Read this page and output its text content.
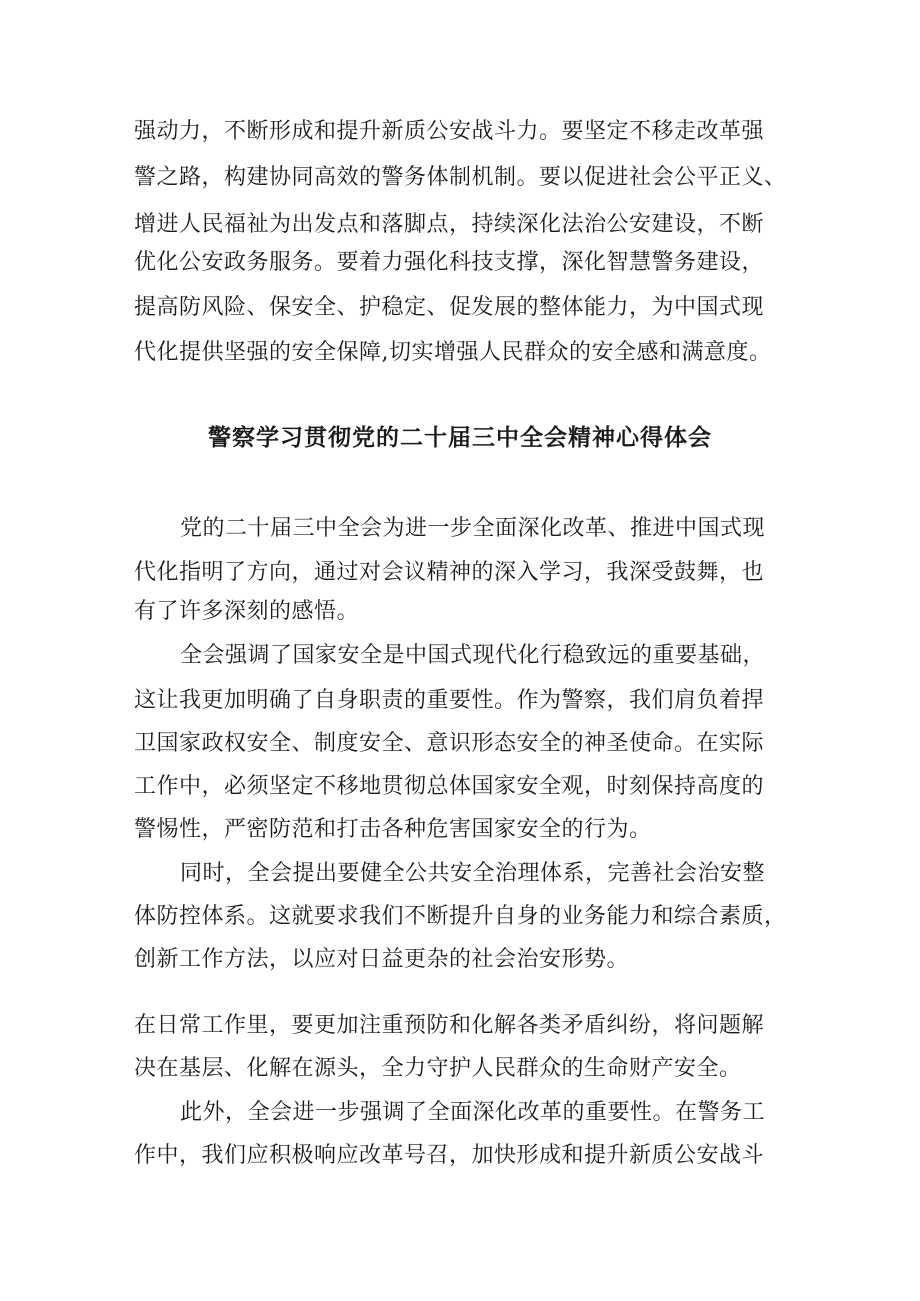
强动力，不断形成和提升新质公安战斗力。要坚定不移走改革强
警之路，构建协同高效的警务体制机制。要以促进社会公平正义、
增进人民福祉为出发点和落脚点，持续深化法治公安建设，不断
优化公安政务服务。要着力强化科技支撑，深化智慧警务建设，
提高防风险、保安全、护稳定、促发展的整体能力，为中国式现
代化提供坚强的安全保障,切实增强人民群众的安全感和满意度。
警察学习贯彻党的二十届三中全会精神心得体会
党的二十届三中全会为进一步全面深化改革、推进中国式现
代化指明了方向，通过对会议精神的深入学习，我深受鼓舞，也
有了许多深刻的感悟。
全会强调了国家安全是中国式现代化行稳致远的重要基础，
这让我更加明确了自身职责的重要性。作为警察，我们肩负着捍
卫国家政权安全、制度安全、意识形态安全的神圣使命。在实际
工作中，必须坚定不移地贯彻总体国家安全观，时刻保持高度的
警惕性，严密防范和打击各种危害国家安全的行为。
同时，全会提出要健全公共安全治理体系，完善社会治安整
体防控体系。这就要求我们不断提升自身的业务能力和综合素质，
创新工作方法，以应对日益更杂的社会治安形势。
在日常工作里，要更加注重预防和化解各类矛盾纠纷，将问题解
决在基层、化解在源头，全力守护人民群众的生命财产安全。
此外，全会进一步强调了全面深化改革的重要性。在警务工
作中，我们应积极响应改革号召，加快形成和提升新质公安战斗
